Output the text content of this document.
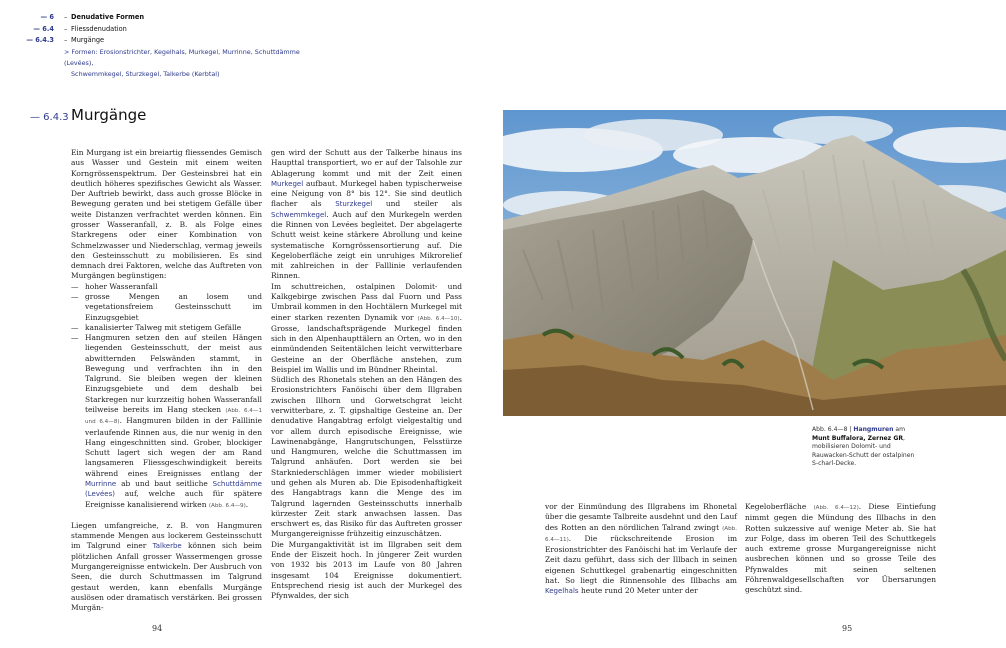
— 6 – Denudative Formen
— 6.4 – Fliessdenudation
— 6.4.3 – Murgänge
> Formen: Erosionstrichter, Kegelhals, Murkegel, Murrinne, Schuttdämme (Levées),
Schwemmkegel, Sturzkegel, Talkerbe (Kerbtal)
— 6.4.3 Murgänge

Ein Murgang ist ein breiartig fliessendes Gemisch aus Wasser und Gestein mit einem weiten Korngrössenspektrum. Der Gesteinsbrei hat ein deutlich höheres spezifisches Gewicht als Wasser. Der Auftrieb bewirkt, dass auch grosse Blöcke in Bewegung geraten und bei stetigem Gefälle über weite Distanzen verfrachtet werden können. Ein grosser Wasseranfall, z. B. als Folge eines Starkregens oder einer Kombination von Schmelzwasser und Niederschlag, vermag jeweils den Gesteinsschutt zu mobilisieren. Es sind demnach drei Faktoren, welche das Auftreten von Murgängen begünstigen:

— hoher Wasseranfall
— grosse Mengen an losem und vegetationsfreiem Gesteinsschutt im Einzugsgebiet
— kanalisierter Talweg mit stetigem Gefälle
— Hangmuren setzen den auf steilen Hängen liegenden Gesteinsschutt, der meist aus abwitternden Felswänden stammt, in Bewegung und verfrachten ihn in den Talgrund. Sie bleiben wegen der kleinen Einzugsgebiete und dem deshalb bei Starkregen nur kurzzeitig hohen Wasseranfall teilweise bereits im Hang stecken (Abb. 6.4—1 und 6.4—8). Hangmuren bilden in der Falllinie verlaufende Rinnen aus, die nur wenig in den Hang eingeschnitten sind. Grober, blockiger Schutt lagert sich wegen der am Rand langsameren Fliessgeschwindigkeit bereits während eines Ereignisses entlang der Murrinne ab und baut seitliche Schuttdämme (Levées) auf, welche auch für spätere Ereignisse kanalisierend wirken (Abb. 6.4—9).

Liegen umfangreiche, z. B. von Hangmuren stammende Mengen aus lockerem Gesteinsschutt im Talgrund einer Talkerbe können sich beim plötzlichen Anfall grosser Wassermengen grosse Murgangereignisse entwickeln. Der Ausbruch von Seen, die durch Schuttmassen im Talgrund gestaut werden, kann ebenfalls Murgänge auslösen oder dramatisch verstärken. Bei grossen Murgän-

gen wird der Schutt aus der Talkerbe hinaus ins Haupttal transportiert, wo er auf der Talsohle zur Ablagerung kommt und mit der Zeit einen Murkegel aufbaut. Murkegel haben typischerweise eine Neigung von 8° bis 12°. Sie sind deutlich flacher als Sturzkegel und steiler als Schwemmkegel. Auch auf den Murkegeln werden die Rinnen von Levées begleitet. Der abgelagerte Schutt weist keine stärkere Abrollung und keine systematische Korngrössensortierung auf. Die Kegeloberfläche zeigt ein unruhiges Mikrorelief mit zahlreichen in der Falllinie verlaufenden Rinnen.

Im schuttreichen, ostalpinen Dolomit- und Kalkgebirge zwischen Pass dal Fuorn und Pass Umbrail kommen in den Hochtälern Murkegel mit einer starken rezenten Dynamik vor (Abb. 6.4—10). Grosse, landschaftsprägende Murkegel finden sich in den Alpenhaupttälern an Orten, wo in den einmündenden Seitentälchen leicht verwitterbare Gesteine an der Oberfläche anstehen, zum Beispiel im Wallis und im Bündner Rheintal.

Südlich des Rhonetals stehen an den Hängen des Erosionstrichters Fanöischi über dem Illgraben zwischen Illhorn und Gorwetschgrat leicht verwitterbare, z. T. gipshaltige Gesteine an. Der denudative Hangabtrag erfolgt vielgestaltig und vor allem durch episodische Ereignisse, wie Lawinenabgänge, Hangrutschungen, Felsstürze und Hangmuren, welche die Schuttmassen im Talgrund anhäufen. Dort werden sie bei Starkniederschlägen immer wieder mobilisiert und gehen als Muren ab. Die Episodenhaftigkeit des Hangabtrags kann die Menge des im Talgrund lagernden Gesteinsschutts innerhalb kürzester Zeit stark anwachsen lassen. Das erschwert es, das Risiko für das Auftreten grosser Murgangereignisse frühzeitig einzuschätzen.

Die Murgangaktivität ist im Illgraben seit dem Ende der Eiszeit hoch. In jüngerer Zeit wurden von 1932 bis 2013 im Laufe von 80 Jahren insgesamt 104 Ereignisse dokumentiert. Entsprechend riesig ist auch der Murkegel des Pfynwaldes, der sich

94
Abb. 6.4—8 | Hangmuren am Munt Buffalora, Zernez GR, mobilisieren Dolomit- und Rauwacken-Schutt der ostalpinen S-charl-Decke.

vor der Einmündung des Illgrabens im Rhonetal über die gesamte Talbreite ausdehnt und den Lauf des Rotten an den nördlichen Talrand zwingt (Abb. 6.4—11). Die rückschreitende Erosion im Erosionstrichter des Fanöischi hat im Verlaufe der Zeit dazu geführt, dass sich der Illbach in seinen eigenen Schuttkegel grabenartig eingeschnitten hat. So liegt die Rinnensohle des Illbachs am Kegelhals heute rund 20 Meter unter der

Kegeloberfläche (Abb. 6.4—12). Diese Eintiefung nimmt gegen die Mündung des Illbachs in den Rotten sukzessive auf wenige Meter ab. Sie hat zur Folge, dass im oberen Teil des Schuttkegels auch extreme grosse Murgangereignisse nicht ausbrechen können und so grosse Teile des Pfynwaldes mit seinen seltenen Föhrenwaldgesellschaften vor Übersarungen geschützt sind.

95
